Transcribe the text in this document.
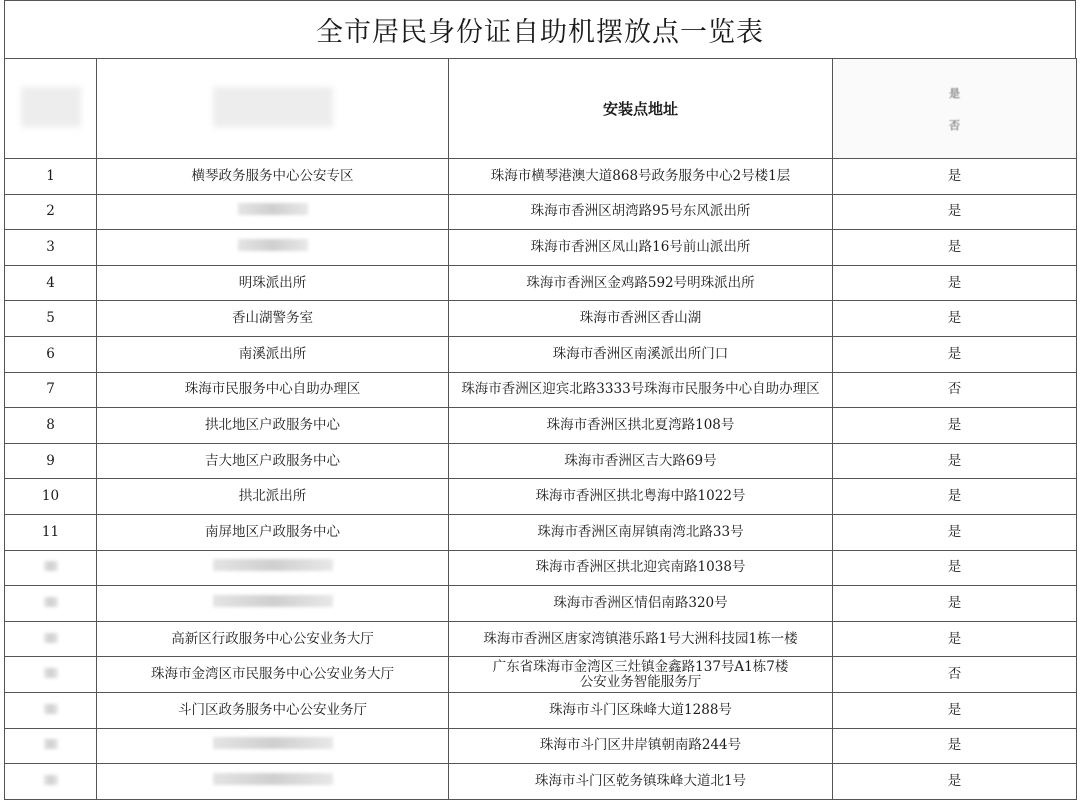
全市居民身份证自助机摆放点一览表
		安装点地址	是
否

1	横琴政务服务中心公安专区	珠海市横琴港澳大道868号政务服务中心2号楼1层	是
2		珠海市香洲区胡湾路95号东风派出所	是
3		珠海市香洲区凤山路16号前山派出所	是
4	明珠派出所	珠海市香洲区金鸡路592号明珠派出所	是
5	香山湖警务室	珠海市香洲区香山湖	是
6	南溪派出所	珠海市香洲区南溪派出所门口	是
7	珠海市民服务中心自助办理区	珠海市香洲区迎宾北路3333号珠海市民服务中心自助办理区	否
8	拱北地区户政服务中心	珠海市香洲区拱北夏湾路108号	是
9	吉大地区户政服务中心	珠海市香洲区吉大路69号	是
10	拱北派出所	珠海市香洲区拱北粤海中路1022号	是
11	南屏地区户政服务中心	珠海市香洲区南屏镇南湾北路33号	是
		珠海市香洲区拱北迎宾南路1038号	是
		珠海市香洲区情侣南路320号	是
	高新区行政服务中心公安业务大厅	珠海市香洲区唐家湾镇港乐路1号大洲科技园1栋一楼	是
	珠海市金湾区市民服务中心公安业务大厅	广东省珠海市金湾区三灶镇金鑫路137号A1栋7楼
公安业务智能服务厅	否
	斗门区政务服务中心公安业务厅	珠海市斗门区珠峰大道1288号	是
		珠海市斗门区井岸镇朝南路244号	是
		珠海市斗门区乾务镇珠峰大道北1号	是
